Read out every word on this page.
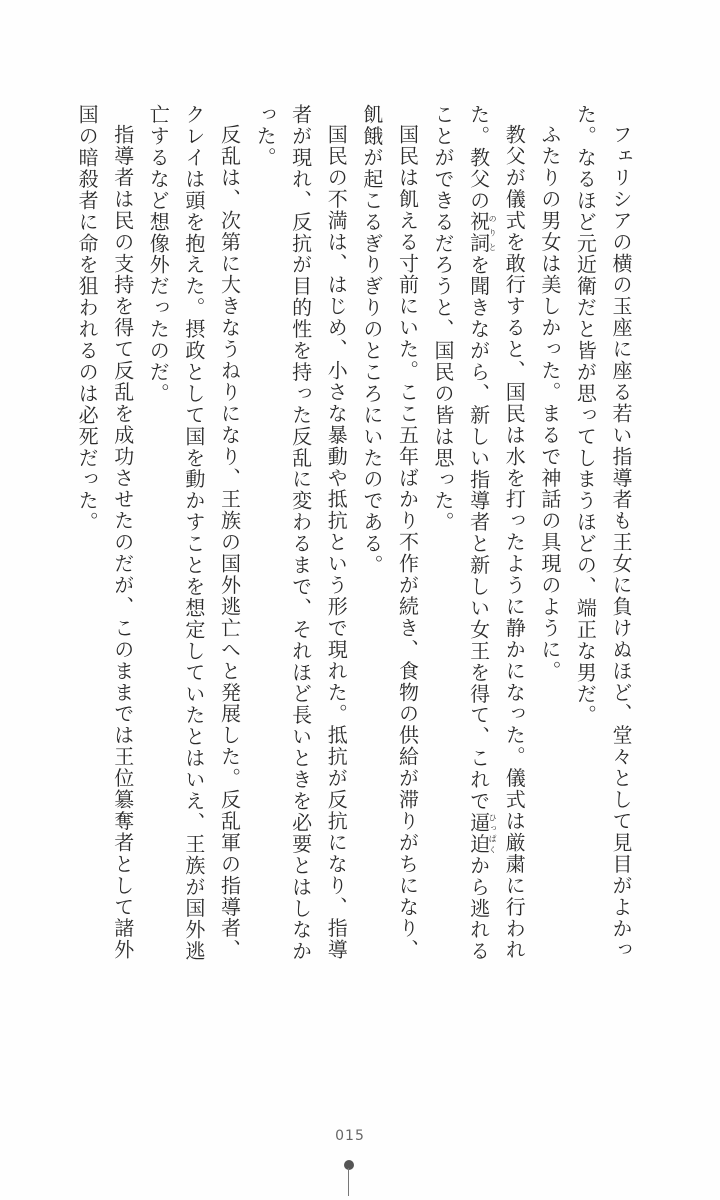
フェリシアの横の玉座に座る若い指導者も王女に負けぬほど、堂々として見目がよかった。なるほど元近衛だと皆が思ってしまうほどの、端正な男だ。

ふたりの男女は美しかった。まるで神話の具現のように。

教父が儀式を敢行すると、国民は水を打ったように静かになった。儀式は厳粛に行われた。教父の祝詞のりとを聞きながら、新しい指導者と新しい女王を得て、これで逼迫ひっぱくから逃れることができるだろうと、国民の皆は思った。

国民は飢える寸前にいた。ここ五年ばかり不作が続き、食物の供給が滞りがちになり、飢餓が起こるぎりぎりのところにいたのである。

国民の不満は、はじめ、小さな暴動や抵抗という形で現れた。抵抗が反抗になり、指導者が現れ、反抗が目的性を持った反乱に変わるまで、それほど長いときを必要とはしなかった。

反乱は、次第に大きなうねりになり、王族の国外逃亡へと発展した。反乱軍の指導者、クレイは頭を抱えた。摂政として国を動かすことを想定していたとはいえ、王族が国外逃亡するなど想像外だったのだ。

指導者は民の支持を得て反乱を成功させたのだが、このままでは王位簒奪者として諸外国の暗殺者に命を狙われるのは必死だった。

015
